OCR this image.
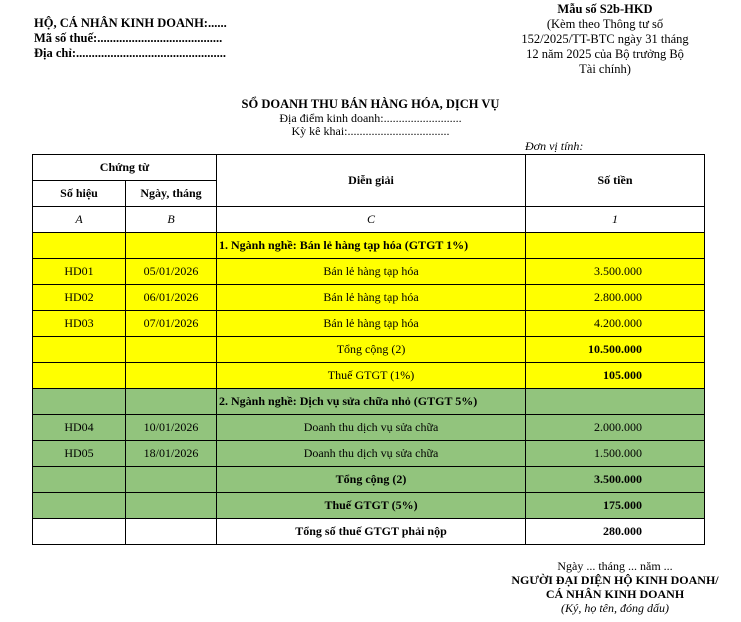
HỘ, CÁ NHÂN KINH DOANH:......
Mã số thuế:........................................
Địa chỉ:................................................
Mẫu số S2b-HKD
(Kèm theo Thông tư số
152/2025/TT-BTC ngày 31 tháng
12 năm 2025 của Bộ trưởng Bộ
Tài chính)
SỔ DOANH THU BÁN HÀNG HÓA, DỊCH VỤ
Địa điểm kinh doanh:..........................
Kỳ kê khai:..................................
Đơn vị tính:
Chứng từ		Diễn giải	Số tiền
Số hiệu	Ngày, tháng		
A	B	C	1
		1. Ngành nghề: Bán lẻ hàng tạp hóa (GTGT 1%)	
HD01	05/01/2026	Bán lẻ hàng tạp hóa	3.500.000
HD02	06/01/2026	Bán lẻ hàng tạp hóa	2.800.000
HD03	07/01/2026	Bán lẻ hàng tạp hóa	4.200.000
		Tổng cộng (2)	10.500.000
		Thuế GTGT (1%)	105.000
		2. Ngành nghề: Dịch vụ sửa chữa nhỏ (GTGT 5%)	
HD04	10/01/2026	Doanh thu dịch vụ sửa chữa	2.000.000
HD05	18/01/2026	Doanh thu dịch vụ sửa chữa	1.500.000
		Tổng cộng (2)	3.500.000
		Thuế GTGT (5%)	175.000
		Tổng số thuế GTGT phải nộp	280.000
Ngày ... tháng ... năm ...
NGƯỜI ĐẠI DIỆN HỘ KINH DOANH/
CÁ NHÂN KINH DOANH
(Ký, họ tên, đóng dấu)
